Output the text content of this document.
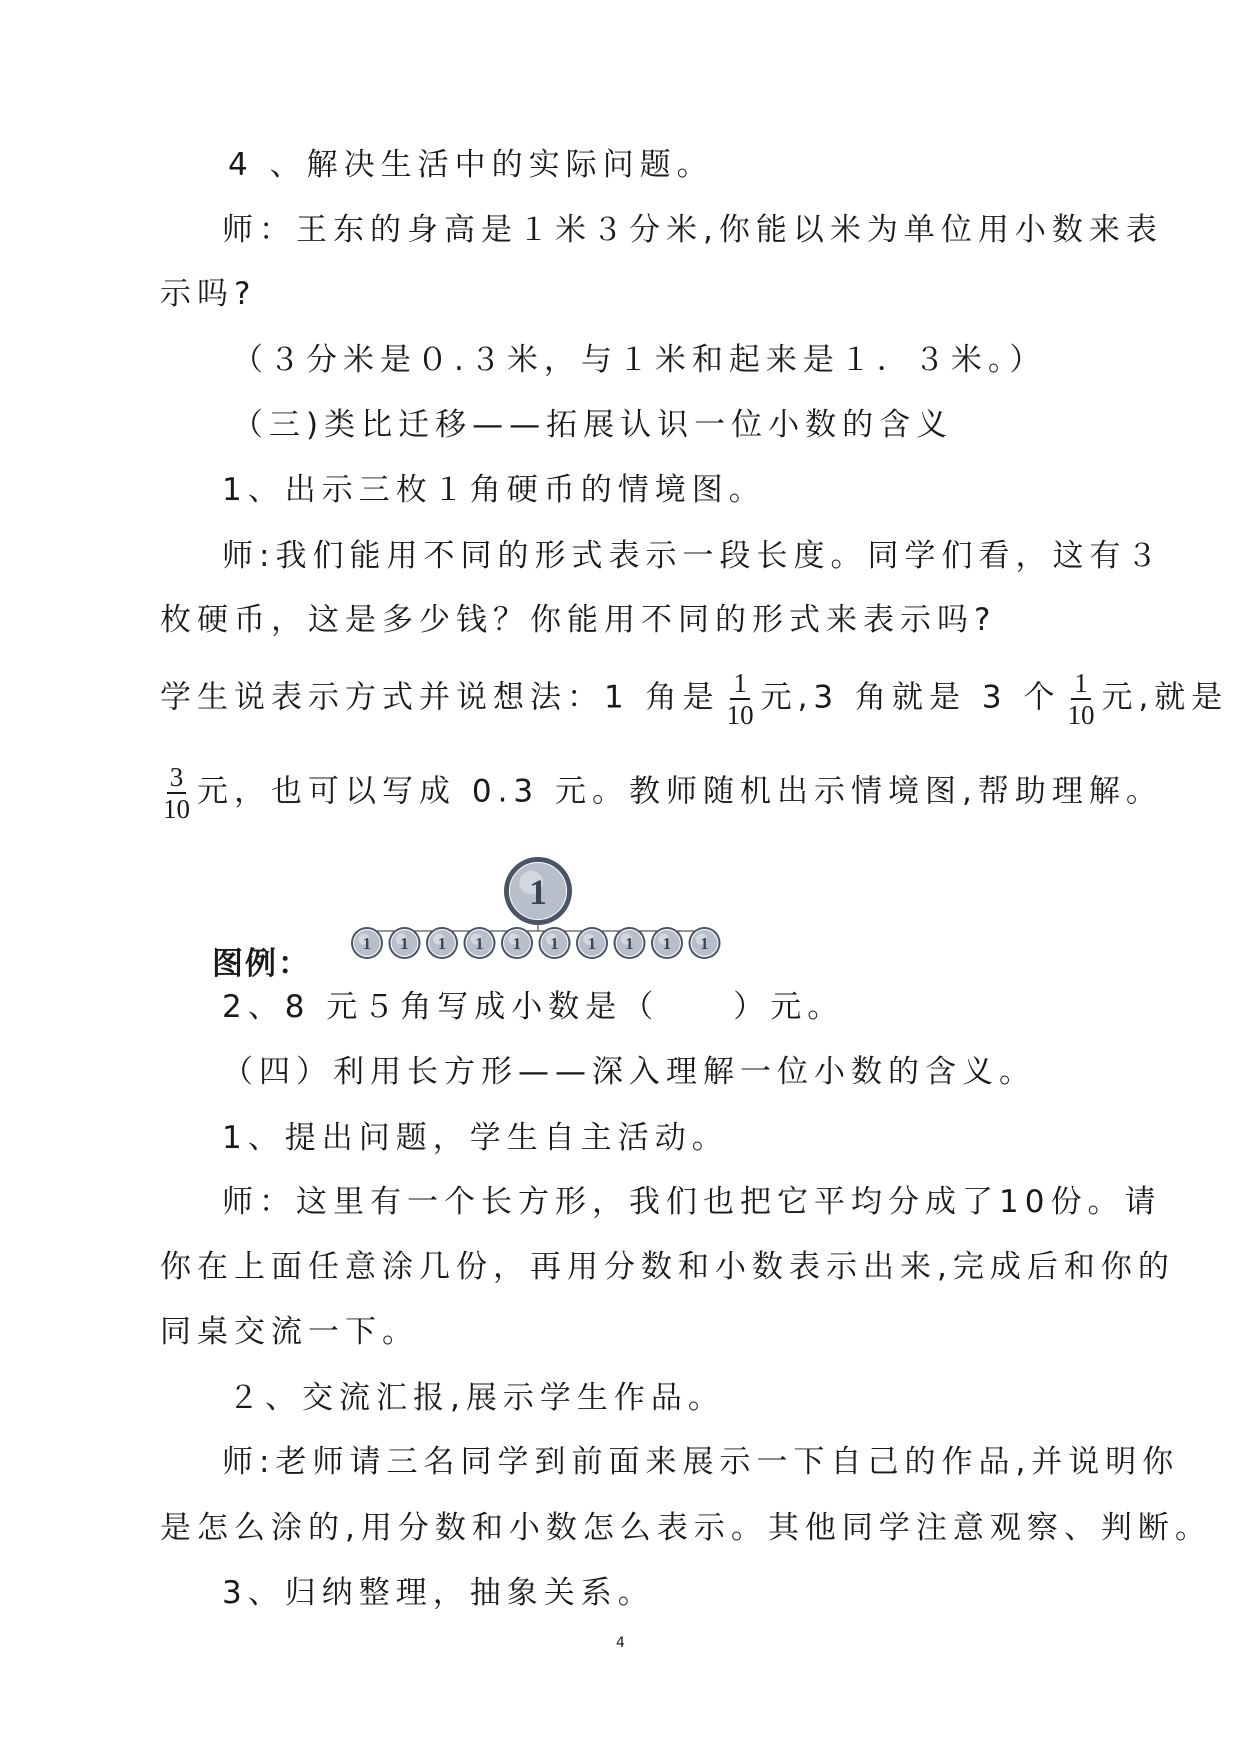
4 、解决生活中的实际问题。
师：王东的身高是１米３分米,你能以米为单位用小数来表
示吗?
（３分米是０.３米，与１米和起来是１．３米。）
（三)类比迁移——拓展认识一位小数的含义
1、出示三枚１角硬币的情境图。
师:我们能用不同的形式表示一段长度。同学们看，这有３
枚硬币，这是多少钱？你能用不同的形式来表示吗?
学生说表示方式并说想法：1 角是 $\frac{1}{10}$ 元,3 角就是 3 个 $\frac{1}{10}$ 元,就是
$\frac{3}{10}$ 元，也可以写成 0.3 元。教师随机出示情境图,帮助理解。
图例：
1
1 1 1 1 1 1 1 1 1 1
2、8 元５角写成小数是（　　）元。
（四）利用长方形——深入理解一位小数的含义。
1、提出问题，学生自主活动。
师：这里有一个长方形，我们也把它平均分成了10份。请
你在上面任意涂几份，再用分数和小数表示出来,完成后和你的
同桌交流一下。
２、交流汇报,展示学生作品。
师:老师请三名同学到前面来展示一下自己的作品,并说明你
是怎么涂的,用分数和小数怎么表示。其他同学注意观察、判断。
3、归纳整理，抽象关系。
4
